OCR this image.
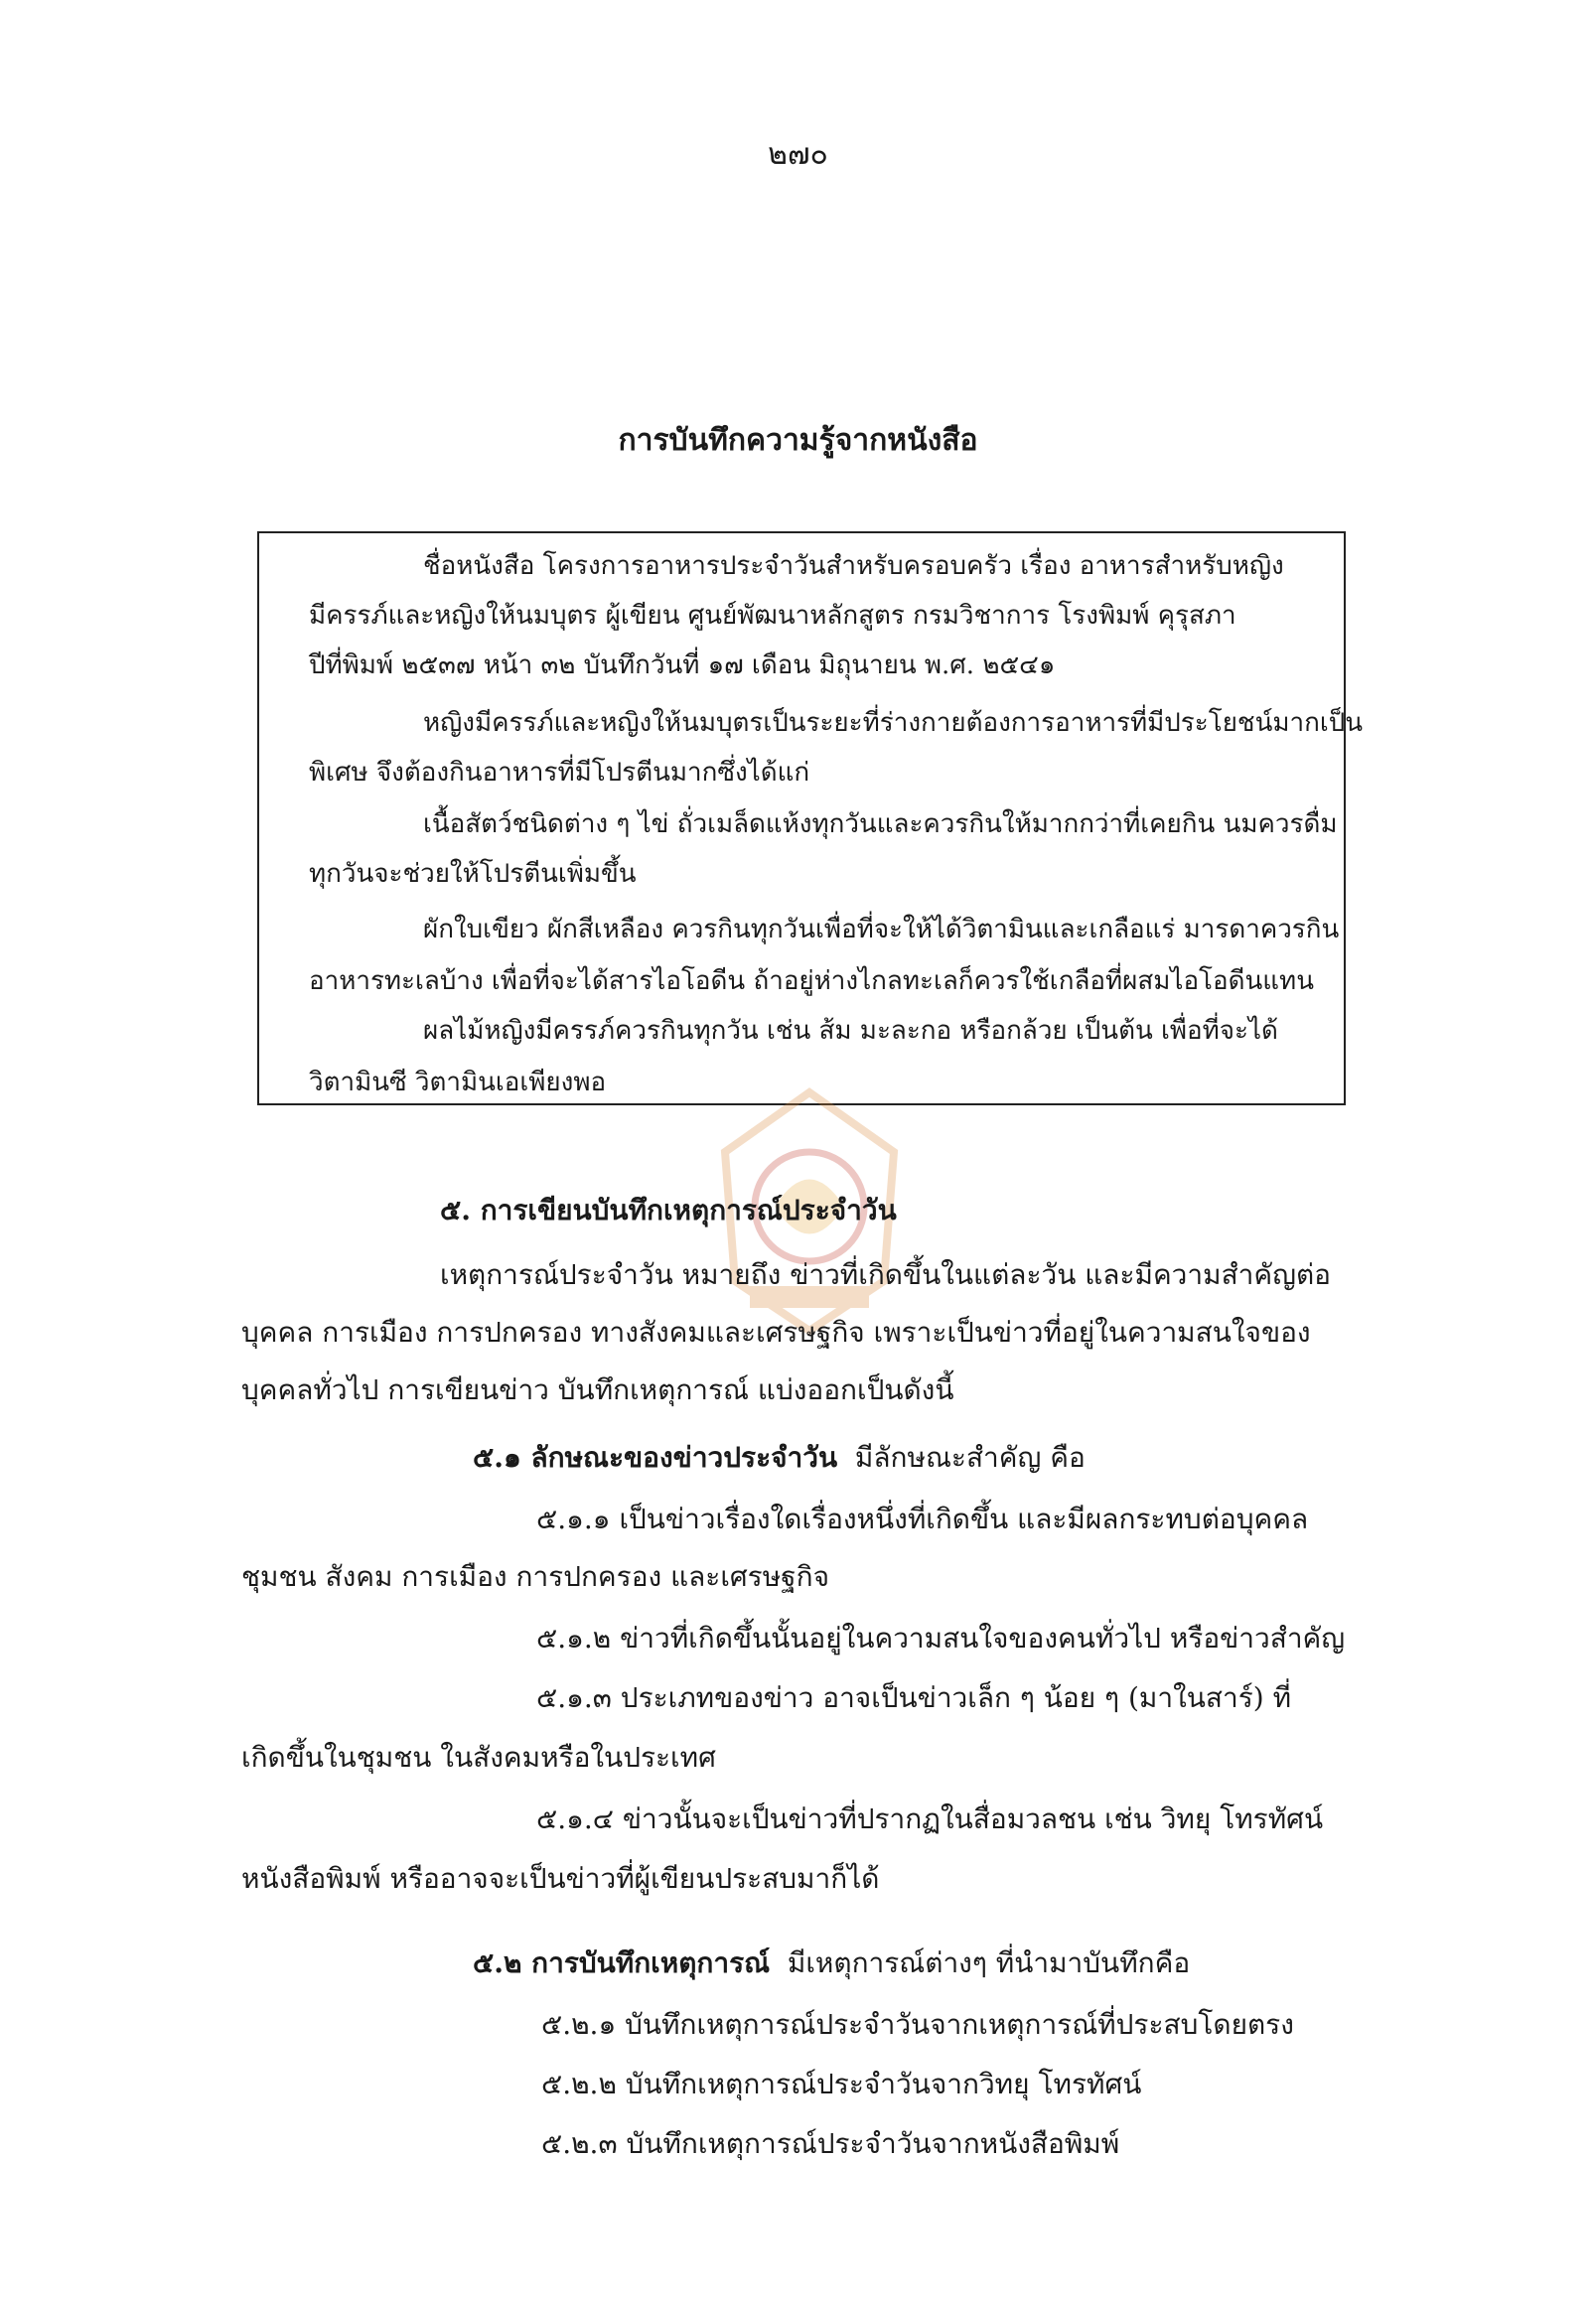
๒๗๐
การบันทึกความรู้จากหนังสือ
ชื่อหนังสือ โครงการอาหารประจำวันสำหรับครอบครัว เรื่อง อาหารสำหรับหญิง
มีครรภ์และหญิงให้นมบุตร ผู้เขียน ศูนย์พัฒนาหลักสูตร กรมวิชาการ โรงพิมพ์ คุรุสภา
ปีที่พิมพ์ ๒๕๓๗ หน้า ๓๒ บันทึกวันที่ ๑๗ เดือน มิถุนายน พ.ศ. ๒๕๔๑
หญิงมีครรภ์และหญิงให้นมบุตรเป็นระยะที่ร่างกายต้องการอาหารที่มีประโยชน์มากเป็น
พิเศษ จึงต้องกินอาหารที่มีโปรตีนมากซึ่งได้แก่
เนื้อสัตว์ชนิดต่าง ๆ ไข่ ถั่วเมล็ดแห้งทุกวันและควรกินให้มากกว่าที่เคยกิน นมควรดื่ม
ทุกวันจะช่วยให้โปรตีนเพิ่มขึ้น
ผักใบเขียว ผักสีเหลือง ควรกินทุกวันเพื่อที่จะให้ได้วิตามินและเกลือแร่ มารดาควรกิน
อาหารทะเลบ้าง เพื่อที่จะได้สารไอโอดีน ถ้าอยู่ห่างไกลทะเลก็ควรใช้เกลือที่ผสมไอโอดีนแทน
ผลไม้หญิงมีครรภ์ควรกินทุกวัน เช่น ส้ม มะละกอ หรือกล้วย เป็นต้น เพื่อที่จะได้
วิตามินซี วิตามินเอเพียงพอ
๕. การเขียนบันทึกเหตุการณ์ประจำวัน
เหตุการณ์ประจำวัน หมายถึง ข่าวที่เกิดขึ้นในแต่ละวัน และมีความสำคัญต่อ
บุคคล การเมือง การปกครอง ทางสังคมและเศรษฐกิจ เพราะเป็นข่าวที่อยู่ในความสนใจของ
บุคคลทั่วไป การเขียนข่าว บันทึกเหตุการณ์ แบ่งออกเป็นดังนี้
๕.๑ ลักษณะของข่าวประจำวัน มีลักษณะสำคัญ คือ
๕.๑.๑ เป็นข่าวเรื่องใดเรื่องหนึ่งที่เกิดขึ้น และมีผลกระทบต่อบุคคล
ชุมชน สังคม การเมือง การปกครอง และเศรษฐกิจ
๕.๑.๒ ข่าวที่เกิดขึ้นนั้นอยู่ในความสนใจของคนทั่วไป หรือข่าวสำคัญ
๕.๑.๓ ประเภทของข่าว อาจเป็นข่าวเล็ก ๆ น้อย ๆ (มาในสาร์) ที่
เกิดขึ้นในชุมชน ในสังคมหรือในประเทศ
๕.๑.๔ ข่าวนั้นจะเป็นข่าวที่ปรากฏในสื่อมวลชน เช่น วิทยุ โทรทัศน์
หนังสือพิมพ์ หรืออาจจะเป็นข่าวที่ผู้เขียนประสบมาก็ได้
๕.๒ การบันทึกเหตุการณ์ มีเหตุการณ์ต่างๆ ที่นำมาบันทึกคือ
๕.๒.๑ บันทึกเหตุการณ์ประจำวันจากเหตุการณ์ที่ประสบโดยตรง
๕.๒.๒ บันทึกเหตุการณ์ประจำวันจากวิทยุ โทรทัศน์
๕.๒.๓ บันทึกเหตุการณ์ประจำวันจากหนังสือพิมพ์
